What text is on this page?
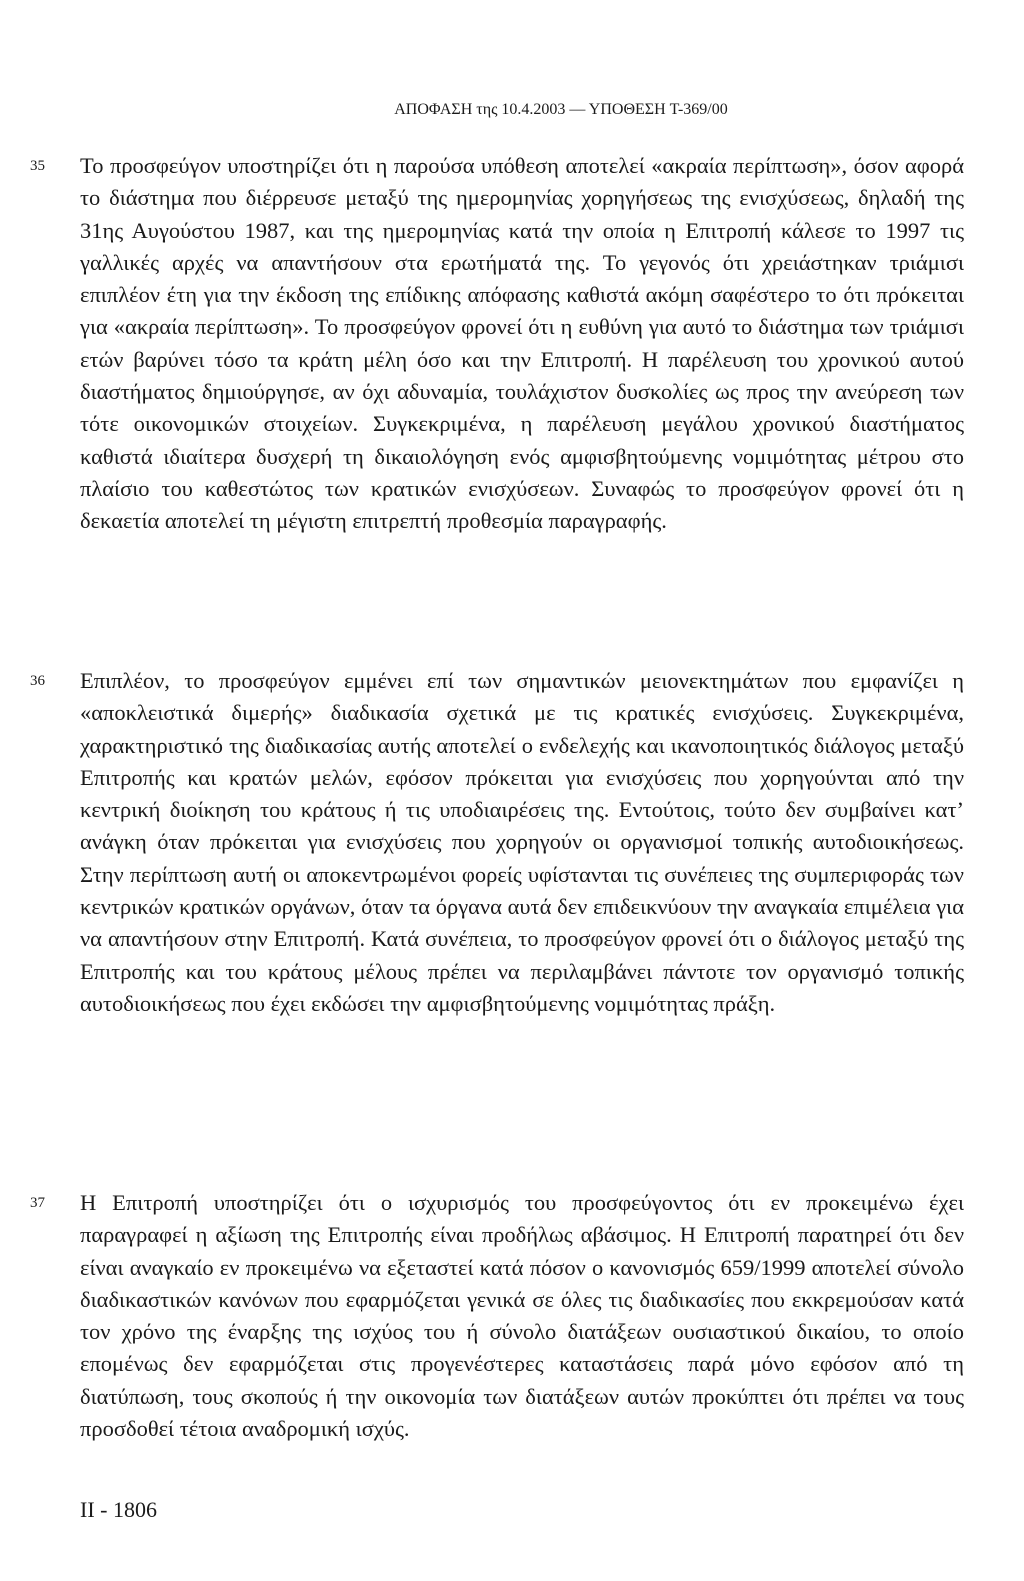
ΑΠΟΦΑΣΗ της 10.4.2003 — ΥΠΟΘΕΣΗ T-369/00
35 Το προσφεύγον υποστηρίζει ότι η παρούσα υπόθεση αποτελεί «ακραία περίπτωση», όσον αφορά το διάστημα που διέρρευσε μεταξύ της ημερομηνίας χορηγήσεως της ενισχύσεως, δηλαδή της 31ης Αυγούστου 1987, και της ημερομηνίας κατά την οποία η Επιτροπή κάλεσε το 1997 τις γαλλικές αρχές να απαντήσουν στα ερωτήματά της. Το γεγονός ότι χρειάστηκαν τριάμισι επιπλέον έτη για την έκδοση της επίδικης απόφασης καθιστά ακόμη σαφέστερο το ότι πρόκειται για «ακραία περίπτωση». Το προσφεύγον φρονεί ότι η ευθύνη για αυτό το διάστημα των τριάμισι ετών βαρύνει τόσο τα κράτη μέλη όσο και την Επιτροπή. Η παρέλευση του χρονικού αυτού διαστήματος δημιούργησε, αν όχι αδυναμία, τουλάχιστον δυσκολίες ως προς την ανεύρεση των τότε οικονομικών στοιχείων. Συγκεκριμένα, η παρέλευση μεγάλου χρονικού διαστήματος καθιστά ιδιαίτερα δυσχερή τη δικαιολόγηση ενός αμφισβητούμενης νομιμότητας μέτρου στο πλαίσιο του καθεστώτος των κρατικών ενισχύσεων. Συναφώς το προσφεύγον φρονεί ότι η δεκαετία αποτελεί τη μέγιστη επιτρεπτή προθεσμία παραγραφής.
36 Επιπλέον, το προσφεύγον εμμένει επί των σημαντικών μειονεκτημάτων που εμφανίζει η «αποκλειστικά διμερής» διαδικασία σχετικά με τις κρατικές ενισχύσεις. Συγκεκριμένα, χαρακτηριστικό της διαδικασίας αυτής αποτελεί ο ενδελεχής και ικανοποιητικός διάλογος μεταξύ Επιτροπής και κρατών μελών, εφόσον πρόκειται για ενισχύσεις που χορηγούνται από την κεντρική διοίκηση του κράτους ή τις υποδιαιρέσεις της. Εντούτοις, τούτο δεν συμβαίνει κατ’ ανάγκη όταν πρόκειται για ενισχύσεις που χορηγούν οι οργανισμοί τοπικής αυτοδιοικήσεως. Στην περίπτωση αυτή οι αποκεντρωμένοι φορείς υφίστανται τις συνέπειες της συμπεριφοράς των κεντρικών κρατικών οργάνων, όταν τα όργανα αυτά δεν επιδεικνύουν την αναγκαία επιμέλεια για να απαντήσουν στην Επιτροπή. Κατά συνέπεια, το προσφεύγον φρονεί ότι ο διάλογος μεταξύ της Επιτροπής και του κράτους μέλους πρέπει να περιλαμβάνει πάντοτε τον οργανισμό τοπικής αυτοδιοικήσεως που έχει εκδώσει την αμφισβητούμενης νομιμότητας πράξη.
37 Η Επιτροπή υποστηρίζει ότι ο ισχυρισμός του προσφεύγοντος ότι εν προκειμένω έχει παραγραφεί η αξίωση της Επιτροπής είναι προδήλως αβάσιμος. Η Επιτροπή παρατηρεί ότι δεν είναι αναγκαίο εν προκειμένω να εξεταστεί κατά πόσον ο κανονισμός 659/1999 αποτελεί σύνολο διαδικαστικών κανόνων που εφαρμόζεται γενικά σε όλες τις διαδικασίες που εκκρεμούσαν κατά τον χρόνο της έναρξης της ισχύος του ή σύνολο διατάξεων ουσιαστικού δικαίου, το οποίο επομένως δεν εφαρμόζεται στις προγενέστερες καταστάσεις παρά μόνο εφόσον από τη διατύπωση, τους σκοπούς ή την οικονομία των διατάξεων αυτών προκύπτει ότι πρέπει να τους προσδοθεί τέτοια αναδρομική ισχύς.
II - 1806
